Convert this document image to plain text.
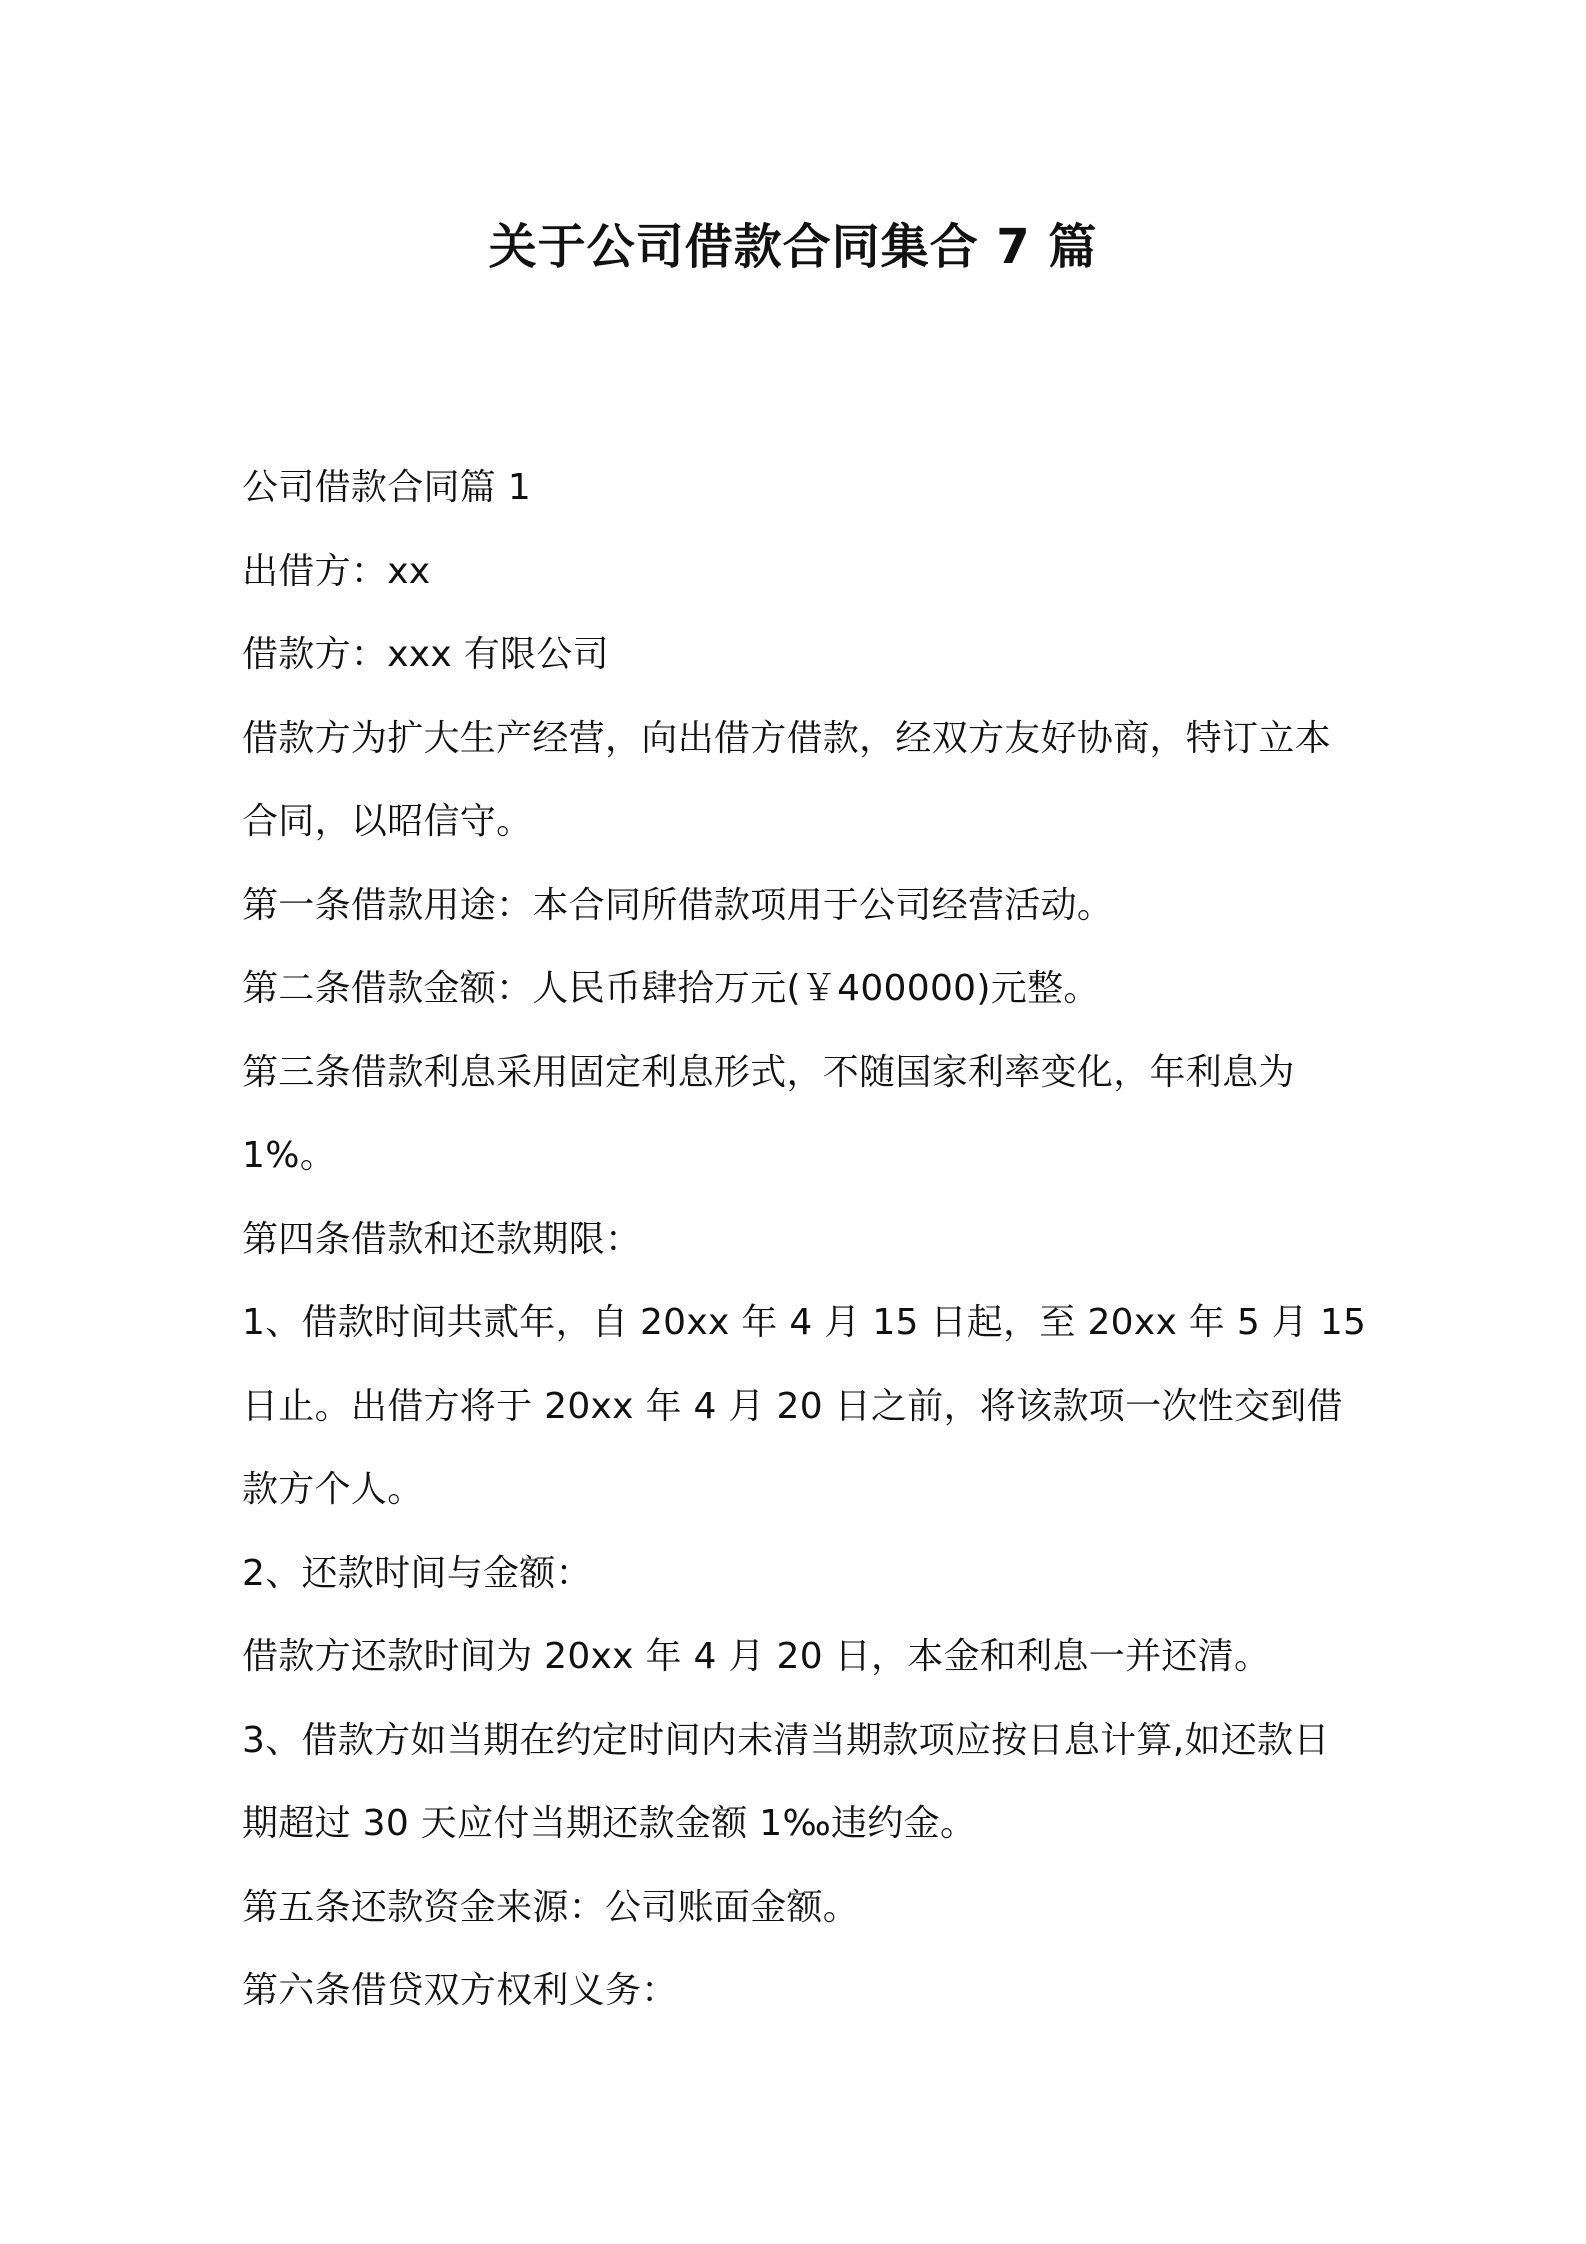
关于公司借款合同集合 7 篇

公司借款合同篇 1

出借方：xx

借款方：xxx 有限公司

借款方为扩大生产经营，向出借方借款，经双方友好协商，特订立本

合同，以昭信守。

第一条借款用途：本合同所借款项用于公司经营活动。

第二条借款金额：人民币肆拾万元(￥400000)元整。

第三条借款利息采用固定利息形式，不随国家利率变化，年利息为

1%。

第四条借款和还款期限：

1、借款时间共贰年，自 20xx 年 4 月 15 日起，至 20xx 年 5 月 15

日止。出借方将于 20xx 年 4 月 20 日之前，将该款项一次性交到借

款方个人。

2、还款时间与金额：

借款方还款时间为 20xx 年 4 月 20 日，本金和利息一并还清。

3、借款方如当期在约定时间内未清当期款项应按日息计算,如还款日

期超过 30 天应付当期还款金额 1‰违约金。

第五条还款资金来源：公司账面金额。

第六条借贷双方权利义务：
